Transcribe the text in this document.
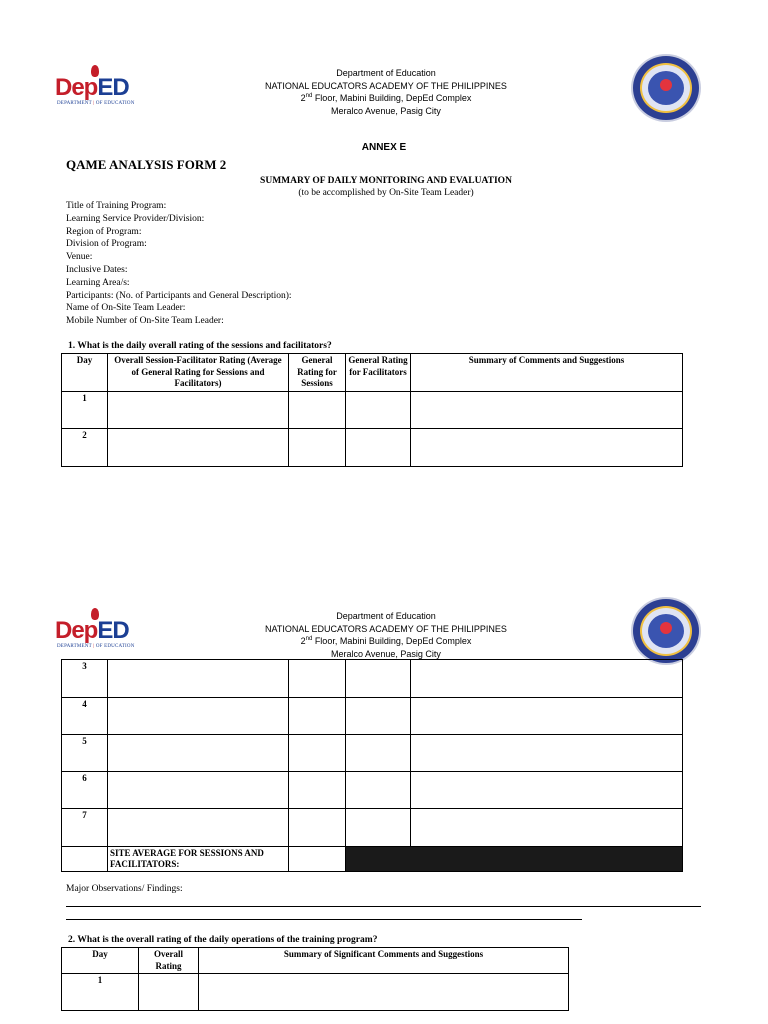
DepED
DEPARTMENT | OF EDUCATION
Department of Education
NATIONAL EDUCATORS ACADEMY OF THE PHILIPPINES
2nd Floor, Mabini Building, DepEd Complex
Meralco Avenue, Pasig City
ANNEX E
QAME ANALYSIS FORM 2
SUMMARY OF DAILY MONITORING AND EVALUATION
(to be accomplished by On-Site Team Leader)
Title of Training Program:
Learning Service Provider/Division:
Region of Program:
Division of Program:
Venue:
Inclusive Dates:
Learning Area/s:
Participants: (No. of Participants and General Description):
Name of On-Site Team Leader:
Mobile Number of On-Site Team Leader:
1. What is the daily overall rating of the sessions and facilitators?
Day	Overall Session-Facilitator Rating (Average of General Rating for Sessions and Facilitators)	General Rating for Sessions	General Rating for Facilitators	Summary of Comments and Suggestions
1				
2				
DepED
DEPARTMENT | OF EDUCATION
Department of Education
NATIONAL EDUCATORS ACADEMY OF THE PHILIPPINES
2nd Floor, Mabini Building, DepEd Complex
Meralco Avenue, Pasig City
3				
4				
5				
6				
7				
	SITE AVERAGE FOR SESSIONS AND FACILITATORS:			
Major Observations/ Findings:
2. What is the overall rating of the daily operations of the training program?
Day	Overall Rating	Summary of Significant Comments and Suggestions
1		
